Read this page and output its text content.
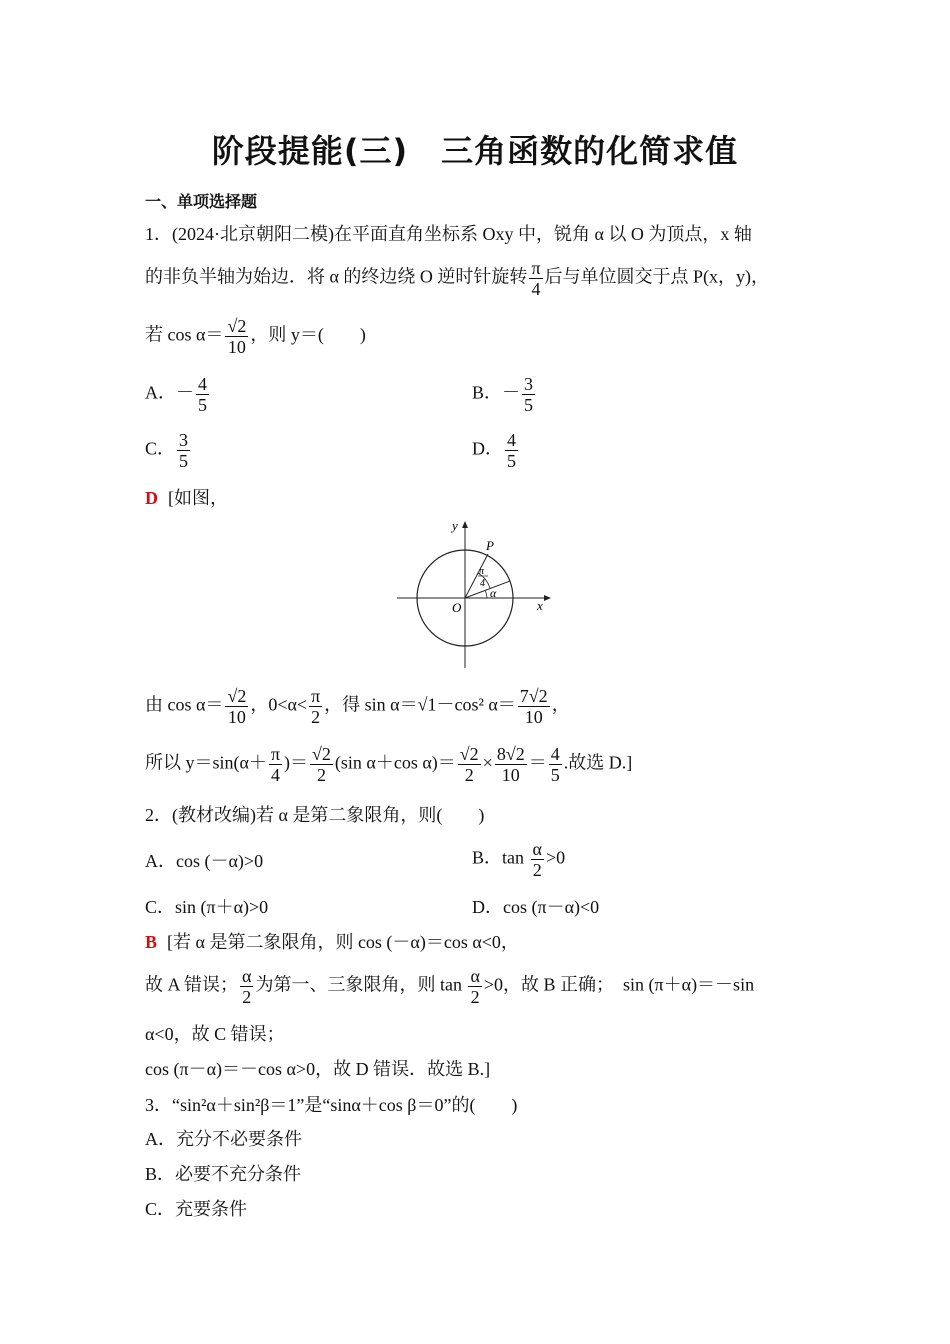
阶段提能(三)　三角函数的化简求值
一、单项选择题
1．(2024·北京朝阳二模)在平面直角坐标系 Oxy 中，锐角 α 以 O 为顶点，x 轴
的非负半轴为始边．将 α 的终边绕 O 逆时针旋转 $\frac{\pi}{4}$ 后与单位圆交于点 P(x，y)，
若 $\cos \alpha= \frac{√2}{10}$ ，则 y＝(　　)
A．－ $\frac{4}{5}$	B．－ $\frac{3}{5}$
C． $\frac{3}{5}$	D． $\frac{4}{5}$
D [如图，
y
x
O
P
π
4
α
由 $\cos \alpha= \frac{√2}{10}$ ，$0<\alpha< \frac{\pi}{2}$ ，得 sin α＝√1－cos² $\alpha= \frac{7√2}{10}$ ，
所以 $y=\sin(\alpha+ \frac{\pi}{4}$ )＝ $\frac{√2}{2} (\sin$ α＋cos $\alpha)= \frac{√2}{2} \times \frac{8√2}{10} = \frac{4}{5}$ .故选 D.]
2．(教材改编)若 α 是第二象限角，则(　　)
A．cos (－α)>0	B．$\tan \frac{\alpha}{2} >0$
C．sin (π＋α)>0	D．cos (π－α)<0
B [若 α 是第二象限角，则 cos (－α)＝cos α<0，
故 A 错误； $\frac{\alpha}{2}$ 为第一、三象限角，则 $\tan \frac{\alpha}{2} >0$，故 B 正确；　sin (π＋α)＝－sin
α<0，故 C 错误；
cos (π－α)＝－cos α>0，故 D 错误．故选 B.]
3．“sin²α＋sin²β＝1”是“sinα＋cos β＝0”的(　　)
A．充分不必要条件
B．必要不充分条件
C．充要条件
